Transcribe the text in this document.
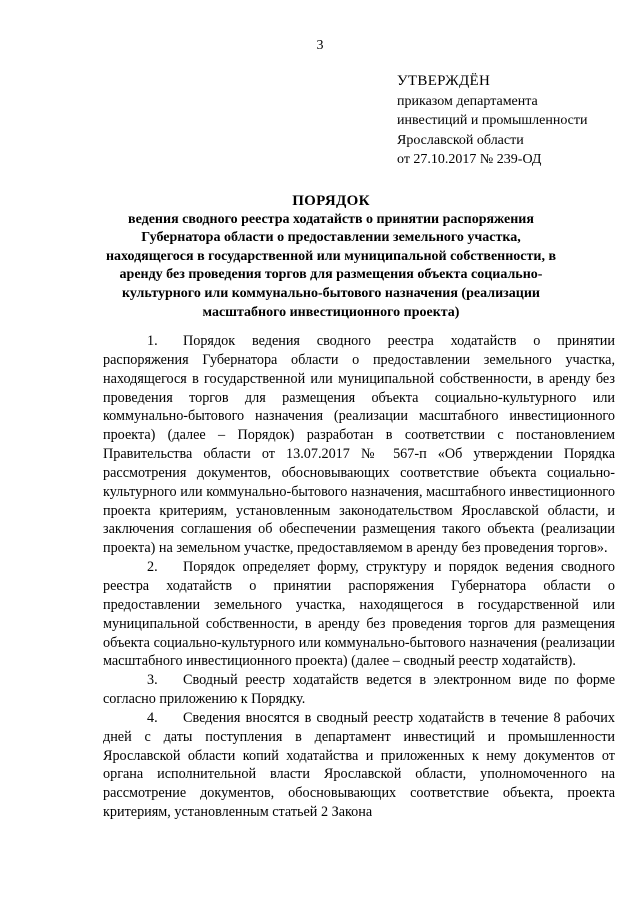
3
УТВЕРЖДЁН
приказом департамента
инвестиций и промышленности
Ярославской области
от 27.10.2017 № 239-ОД
ПОРЯДОК
ведения сводного реестра ходатайств о принятии распоряжения Губернатора области о предоставлении земельного участка, находящегося в государственной или муниципальной собственности, в аренду без проведения торгов для размещения объекта социально-культурного или коммунально-бытового назначения (реализации масштабного инвестиционного проекта)

1. Порядок ведения сводного реестра ходатайств о принятии распоряжения Губернатора области о предоставлении земельного участка, находящегося в государственной или муниципальной собственности, в аренду без проведения торгов для размещения объекта социально-культурного или коммунально-бытового назначения (реализации масштабного инвестиционного проекта) (далее – Порядок) разработан в соответствии с постановлением Правительства области от 13.07.2017 № 567-п «Об утверждении Порядка рассмотрения документов, обосновывающих соответствие объекта социально-культурного или коммунально-бытового назначения, масштабного инвестиционного проекта критериям, установленным законодательством Ярославской области, и заключения соглашения об обеспечении размещения такого объекта (реализации проекта) на земельном участке, предоставляемом в аренду без проведения торгов».

2. Порядок определяет форму, структуру и порядок ведения сводного реестра ходатайств о принятии распоряжения Губернатора области о предоставлении земельного участка, находящегося в государственной или муниципальной собственности, в аренду без проведения торгов для размещения объекта социально-культурного или коммунально-бытового назначения (реализации масштабного инвестиционного проекта) (далее – сводный реестр ходатайств).

3. Сводный реестр ходатайств ведется в электронном виде по форме согласно приложению к Порядку.

4. Сведения вносятся в сводный реестр ходатайств в течение 8 рабочих дней с даты поступления в департамент инвестиций и промышленности Ярославской области копий ходатайства и приложенных к нему документов от органа исполнительной власти Ярославской области, уполномоченного на рассмотрение документов, обосновывающих соответствие объекта, проекта критериям, установленным статьей 2 Закона
